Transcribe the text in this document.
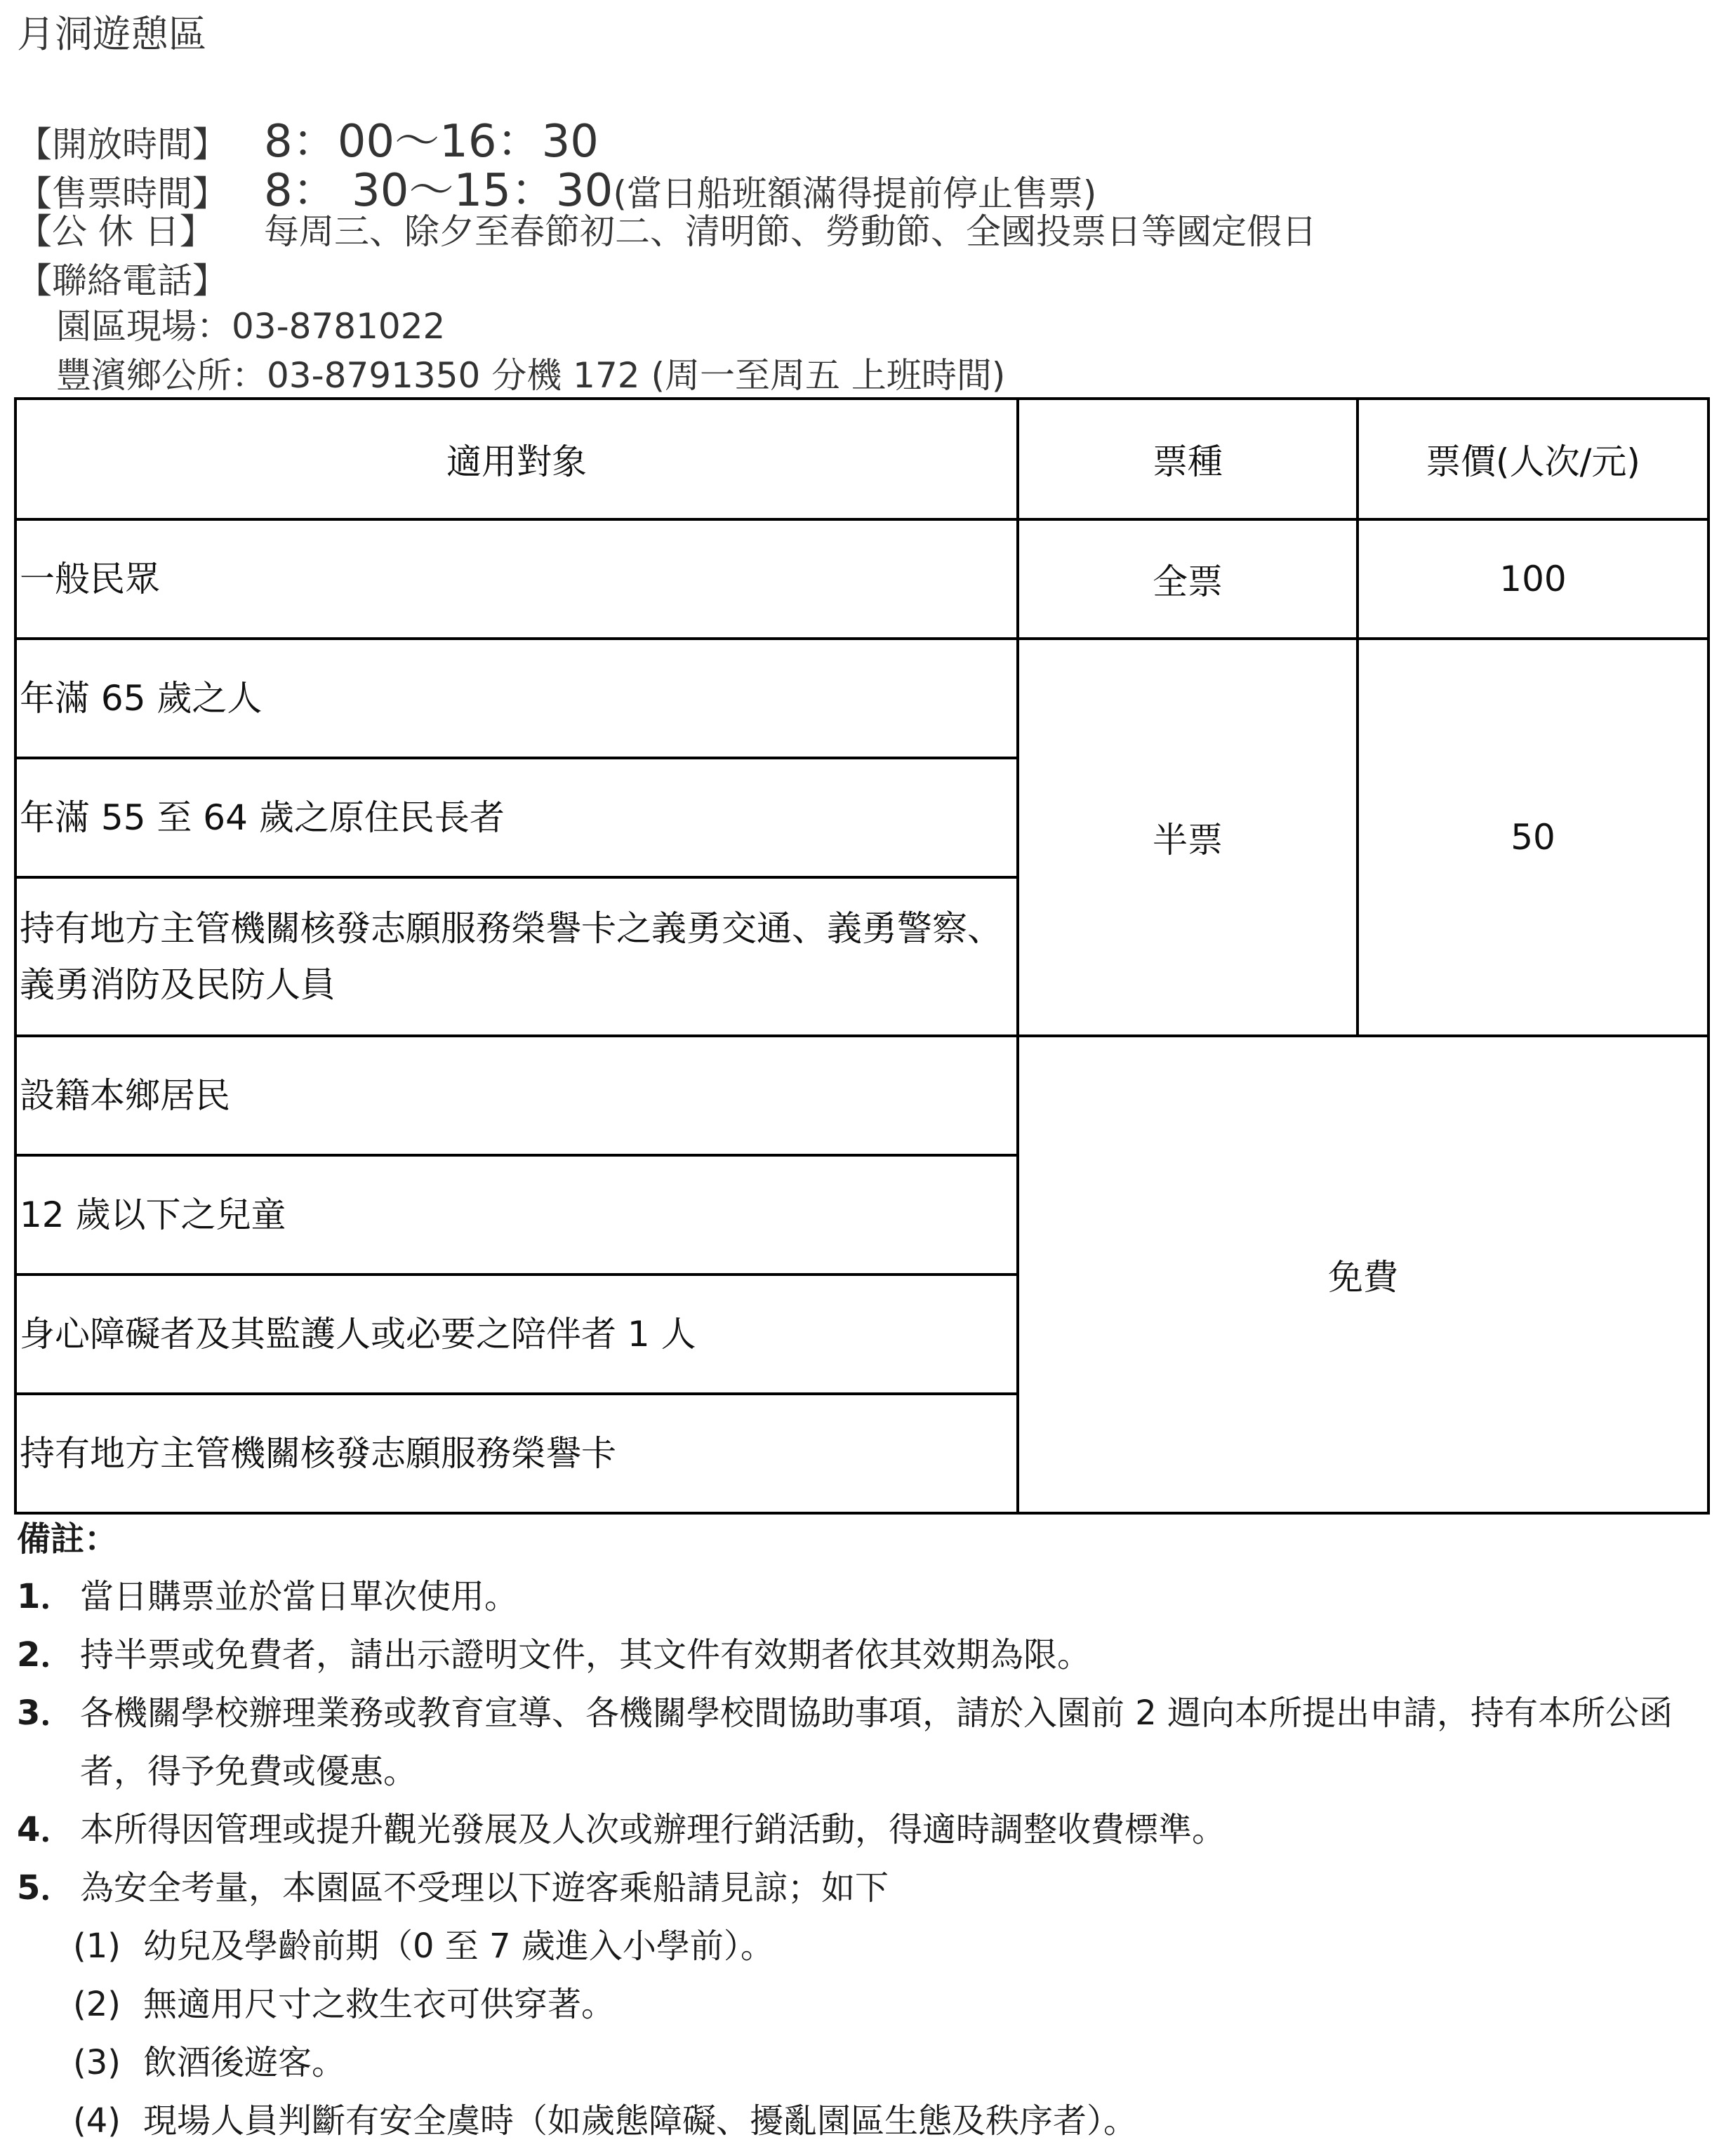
月洞遊憩區
【開放時間】 8：00～16：30
【售票時間】 8： 30～15：30 (當日船班額滿得提前停止售票)
【公 休 日】	每周三、除夕至春節初二、清明節、勞動節、全國投票日等國定假日
【聯絡電話】
園區現場：03-8781022
豐濱鄉公所：03-8791350 分機 172 (周一至周五 上班時間)
適用對象	票種	票價(人次/元)
一般民眾	全票	100
年滿 65 歲之人	半票	50
年滿 55 至 64 歲之原住民長者		
持有地方主管機關核發志願服務榮譽卡之義勇交通、義勇警察、義勇消防及民防人員		
設籍本鄉居民	免費	
12 歲以下之兒童		
身心障礙者及其監護人或必要之陪伴者 1 人		
持有地方主管機關核發志願服務榮譽卡		
備註：
1． 當日購票並於當日單次使用。
2． 持半票或免費者，請出示證明文件，其文件有效期者依其效期為限。
3． 各機關學校辦理業務或教育宣導、各機關學校間協助事項，請於入園前 2 週向本所提出申請，持有本所公函者，得予免費或優惠。
4． 本所得因管理或提升觀光發展及人次或辦理行銷活動，得適時調整收費標準。
5． 為安全考量，本園區不受理以下遊客乘船請見諒；如下
(1) 幼兒及學齡前期（0 至 7 歲進入小學前）。
(2) 無適用尺寸之救生衣可供穿著。
(3) 飲酒後遊客。
(4) 現場人員判斷有安全虞時（如歲態障礙、擾亂園區生態及秩序者）。
